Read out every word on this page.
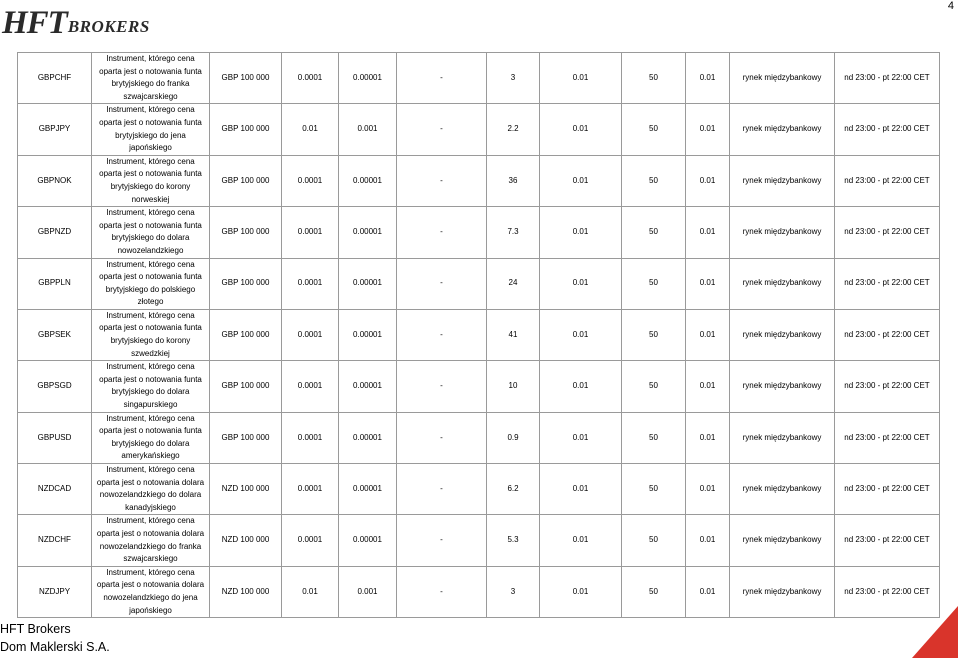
HFT BROKERS
4
GBPCHF	Instrument, którego cena oparta jest o notowania funta brytyjskiego do franka szwajcarskiego	GBP 100 000	0.0001	0.00001	-	3	0.01	50	0.01	rynek międzybankowy	nd 23:00 - pt 22:00 CET
GBPJPY	Instrument, którego cena oparta jest o notowania funta brytyjskiego do jena japońskiego	GBP 100 000	0.01	0.001	-	2.2	0.01	50	0.01	rynek międzybankowy	nd 23:00 - pt 22:00 CET
GBPNOK	Instrument, którego cena oparta jest o notowania funta brytyjskiego do korony norweskiej	GBP 100 000	0.0001	0.00001	-	36	0.01	50	0.01	rynek międzybankowy	nd 23:00 - pt 22:00 CET
GBPNZD	Instrument, którego cena oparta jest o notowania funta brytyjskiego do dolara nowozelandzkiego	GBP 100 000	0.0001	0.00001	-	7.3	0.01	50	0.01	rynek międzybankowy	nd 23:00 - pt 22:00 CET
GBPPLN	Instrument, którego cena oparta jest o notowania funta brytyjskiego do polskiego złotego	GBP 100 000	0.0001	0.00001	-	24	0.01	50	0.01	rynek międzybankowy	nd 23:00 - pt 22:00 CET
GBPSEK	Instrument, którego cena oparta jest o notowania funta brytyjskiego do korony szwedzkiej	GBP 100 000	0.0001	0.00001	-	41	0.01	50	0.01	rynek międzybankowy	nd 23:00 - pt 22:00 CET
GBPSGD	Instrument, którego cena oparta jest o notowania funta brytyjskiego do dolara singapurskiego	GBP 100 000	0.0001	0.00001	-	10	0.01	50	0.01	rynek międzybankowy	nd 23:00 - pt 22:00 CET
GBPUSD	Instrument, którego cena oparta jest o notowania funta brytyjskiego do dolara amerykańskiego	GBP 100 000	0.0001	0.00001	-	0.9	0.01	50	0.01	rynek międzybankowy	nd 23:00 - pt 22:00 CET
NZDCAD	Instrument, którego cena oparta jest o notowania dolara nowozelandzkiego do dolara kanadyjskiego	NZD 100 000	0.0001	0.00001	-	6.2	0.01	50	0.01	rynek międzybankowy	nd 23:00 - pt 22:00 CET
NZDCHF	Instrument, którego cena oparta jest o notowania dolara nowozelandzkiego do franka szwajcarskiego	NZD 100 000	0.0001	0.00001	-	5.3	0.01	50	0.01	rynek międzybankowy	nd 23:00 - pt 22:00 CET
NZDJPY	Instrument, którego cena oparta jest o notowania dolara nowozelandzkiego do jena japońskiego	NZD 100 000	0.01	0.001	-	3	0.01	50	0.01	rynek międzybankowy	nd 23:00 - pt 22:00 CET
HFT Brokers
Dom Maklerski S.A.
